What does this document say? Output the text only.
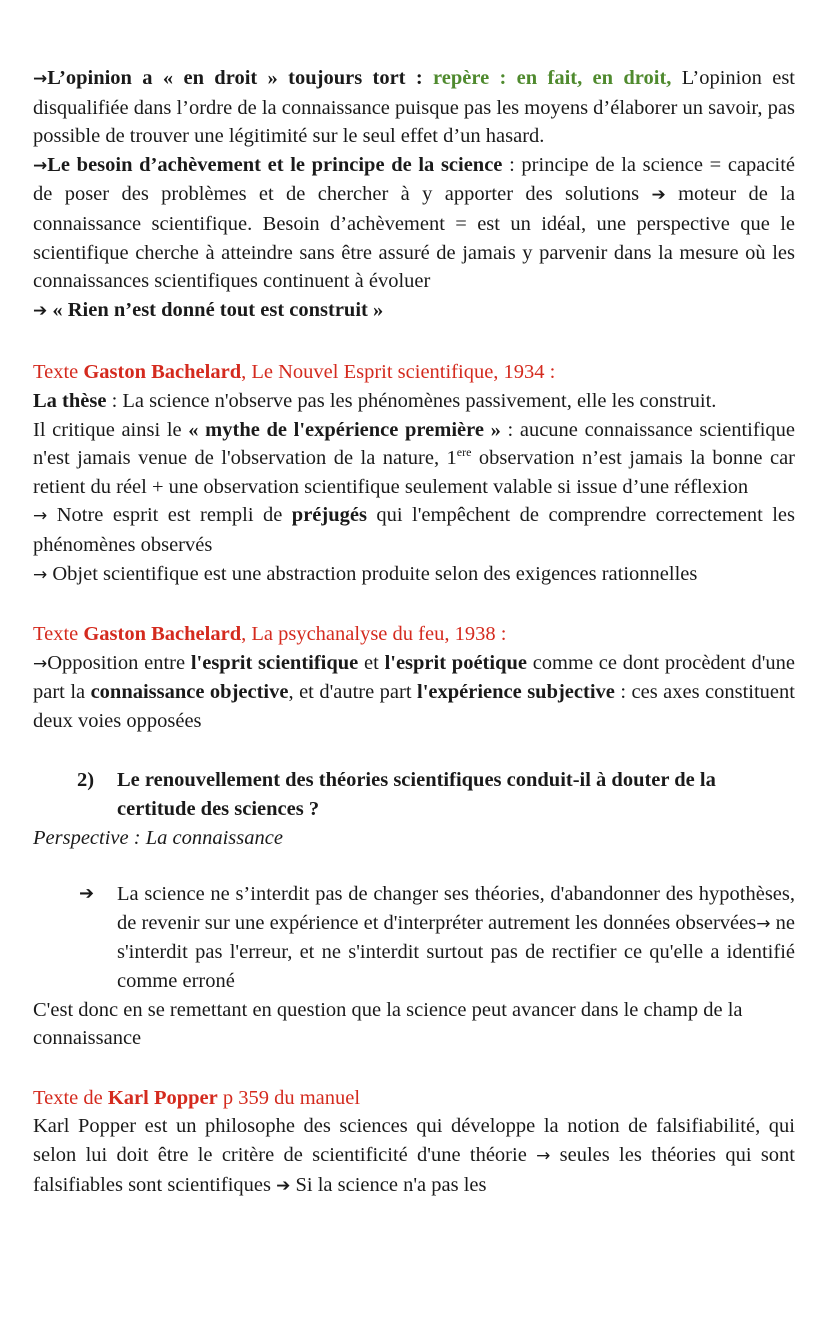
→L’opinion a « en droit » toujours tort : repère : en fait, en droit, L’opinion est disqualifiée dans l’ordre de la connaissance puisque pas les moyens d’élaborer un savoir, pas possible de trouver une légitimité sur le seul effet d’un hasard.

→Le besoin d’achèvement et le principe de la science : principe de la science = capacité de poser des problèmes et de chercher à y apporter des solutions ➔ moteur de la connaissance scientifique. Besoin d’achèvement = est un idéal, une perspective que le scientifique cherche à atteindre sans être assuré de jamais y parvenir dans la mesure où les connaissances scientifiques continuent à évoluer

➔ « Rien n’est donné tout est construit »

Texte Gaston Bachelard, Le Nouvel Esprit scientifique, 1934 :

La thèse : La science n'observe pas les phénomènes passivement, elle les construit.

Il critique ainsi le « mythe de l'expérience première » : aucune connaissance scientifique n'est jamais venue de l'observation de la nature, 1ere observation n’est jamais la bonne car retient du réel + une observation scientifique seulement valable si issue d’une réflexion

→ Notre esprit est rempli de préjugés qui l'empêchent de comprendre correctement les phénomènes observés

→ Objet scientifique est une abstraction produite selon des exigences rationnelles

Texte Gaston Bachelard, La psychanalyse du feu, 1938 :

→Opposition entre l'esprit scientifique et l'esprit poétique comme ce dont procèdent d'une part la connaissance objective, et d'autre part l'expérience subjective : ces axes constituent deux voies opposées

2) Le renouvellement des théories scientifiques conduit-il à douter de la certitude des sciences ?

Perspective : La connaissance

➔ La science ne s’interdit pas de changer ses théories, d'abandonner des hypothèses, de revenir sur une expérience et d'interpréter autrement les données observées→ ne s'interdit pas l'erreur, et ne s'interdit surtout pas de rectifier ce qu'elle a identifié comme erroné

C'est donc en se remettant en question que la science peut avancer dans le champ de la connaissance

Texte de Karl Popper p 359 du manuel

Karl Popper est un philosophe des sciences qui développe la notion de falsifiabilité, qui selon lui doit être le critère de scientificité d'une théorie → seules les théories qui sont falsifiables sont scientifiques ➔ Si la science n'a pas les
